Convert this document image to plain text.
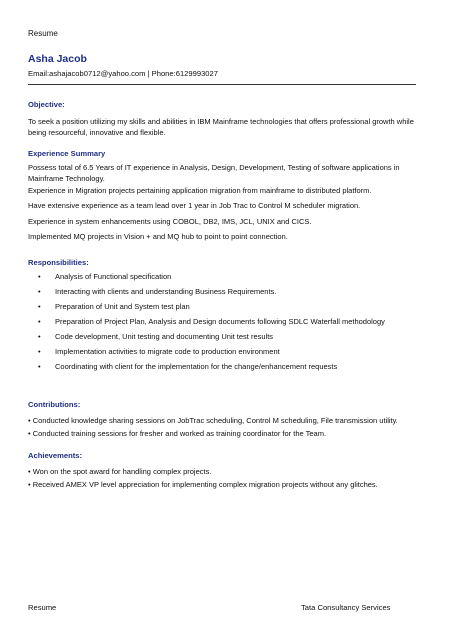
Resume
Asha Jacob
Email:ashajacob0712@yahoo.com | Phone:6129993027
Objective:
To seek a position utilizing my skills and abilities in IBM Mainframe technologies that offers professional growth while being resourceful, innovative and flexible.
Experience Summary
Possess total of 6.5 Years of IT experience in Analysis, Design, Development, Testing of software applications in Mainframe Technology.
Experience in Migration projects pertaining application migration from mainframe to distributed platform.
Have extensive experience as a team lead over 1 year in Job Trac to Control M scheduler migration.
Experience in system enhancements using COBOL, DB2, IMS, JCL, UNIX and CICS.
Implemented MQ projects in Vision + and MQ hub to point to point connection.
Responsibilities:
• Analysis of Functional specification
• Interacting with clients and understanding Business Requirements.
• Preparation of Unit and System test plan
• Preparation of Project Plan, Analysis and Design documents following SDLC Waterfall methodology
• Code development, Unit testing and documenting Unit test results
• Implementation activities to migrate code to production environment
• Coordinating with client for the implementation for the change/enhancement requests
Contributions:
• Conducted knowledge sharing sessions on JobTrac scheduling, Control M scheduling, File transmission utility.
• Conducted training sessions for fresher and worked as training coordinator for the Team.
Achievements:
• Won on the spot award for handling complex projects.
• Received AMEX VP level appreciation for implementing complex migration projects without any glitches.
Resume	Tata Consultancy Services
